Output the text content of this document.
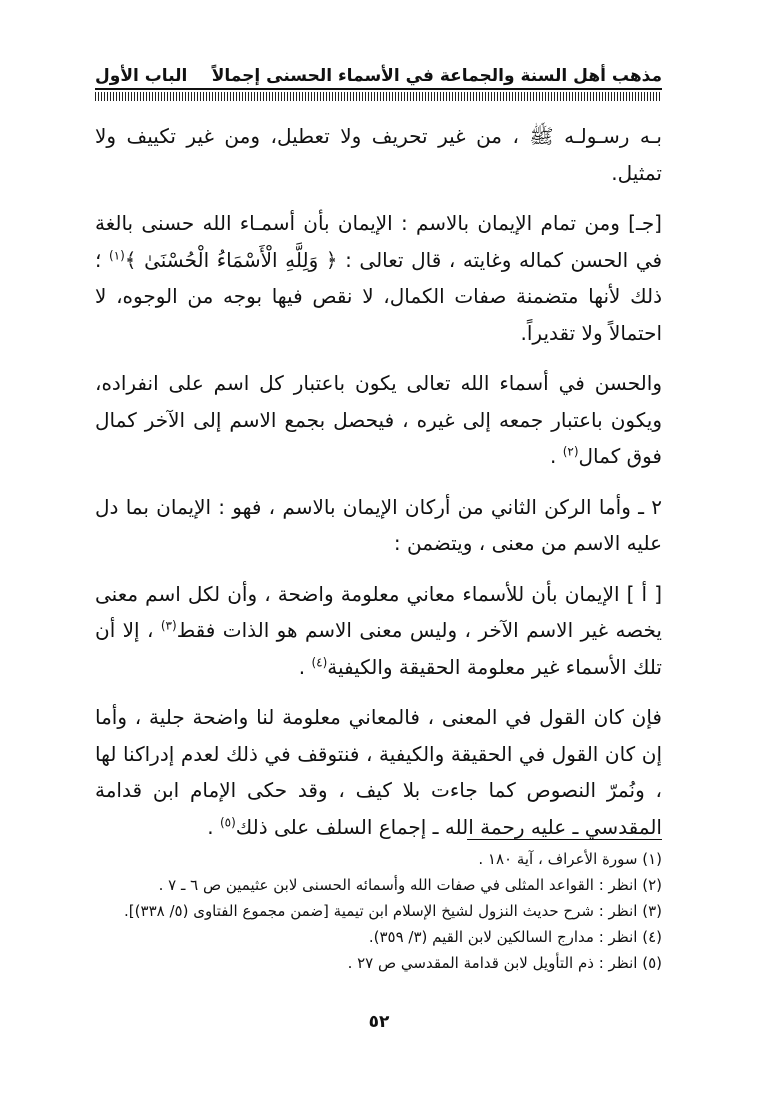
مذهب أهل السنة والجماعة في الأسماء الحسنى إجمالاً
الباب الأول

بـه رسـولـه ﷺ ، من غير تحريف ولا تعطيل، ومن غير تكييف ولا تمثيل.

[جـ] ومن تمام الإيمان بالاسم : الإيمان بأن أسمـاء الله حسنى بالغة في الحسن كماله وغايته ، قال تعالى : ﴿ وَلِلَّهِ الْأَسْمَاءُ الْحُسْنَىٰ ﴾$^{(١)}$ ؛ ذلك لأنها متضمنة صفات الكمال، لا نقص فيها بوجه من الوجوه، لا احتمالاً ولا تقديراً.

والحسن في أسماء الله تعالى يكون باعتبار كل اسم على انفراده، ويكون باعتبار جمعه إلى غيره ، فيحصل بجمع الاسم إلى الآخر كمال فوق كمال$^{(٢)}$ .

٢ ـ وأما الركن الثاني من أركان الإيمان بالاسم ، فهو : الإيمان بما دل عليه الاسم من معنى ، ويتضمن :

[ أ ] الإيمان بأن للأسماء معاني معلومة واضحة ، وأن لكل اسم معنى يخصه غير الاسم الآخر ، وليس معنى الاسم هو الذات فقط$^{(٣)}$ ، إلا أن تلك الأسماء غير معلومة الحقيقة والكيفية$^{(٤)}$ .

فإن كان القول في المعنى ، فالمعاني معلومة لنا واضحة جلية ، وأما إن كان القول في الحقيقة والكيفية ، فنتوقف في ذلك لعدم إدراكنا لها ، ونُمرّ النصوص كما جاءت بلا كيف ، وقد حكى الإمام ابن قدامة المقدسي ـ عليه رحمة الله ـ إجماع السلف على ذلك$^{(٥)}$ .

(١) سورة الأعراف ، آية ١٨٠ .
(٢) انظر : القواعد المثلى في صفات الله وأسمائه الحسنى لابن عثيمين ص ٦ ـ ٧ .
(٣) انظر : شرح حديث النزول لشيخ الإسلام ابن تيمية [ضمن مجموع الفتاوى (٥/ ٣٣٨)].
(٤) انظر : مدارج السالكين لابن القيم (٣/ ٣٥٩).
(٥) انظر : ذم التأويل لابن قدامة المقدسي ص ٢٧ .
٥٢
